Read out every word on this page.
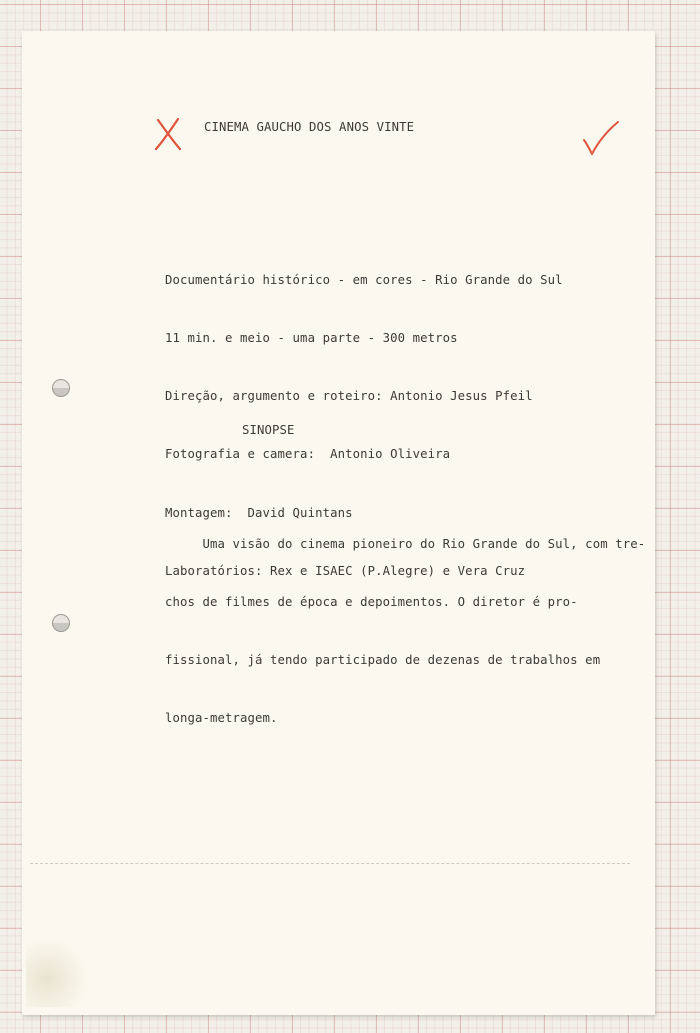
CINEMA GAUCHO DOS ANOS VINTE

Documentário histórico - em cores - Rio Grande do Sul

11 min. e meio - uma parte - 300 metros

Direção, argumento e roteiro: Antonio Jesus Pfeil

Fotografia e camera:  Antonio Oliveira

Montagem:  David Quintans

Laboratórios: Rex e ISAEC (P.Alegre) e Vera Cruz

SINOPSE

Uma visão do cinema pioneiro do Rio Grande do Sul, com tre-

chos de filmes de época e depoimentos. O diretor é pro-

fissional, já tendo participado de dezenas de trabalhos em

longa-metragem.
